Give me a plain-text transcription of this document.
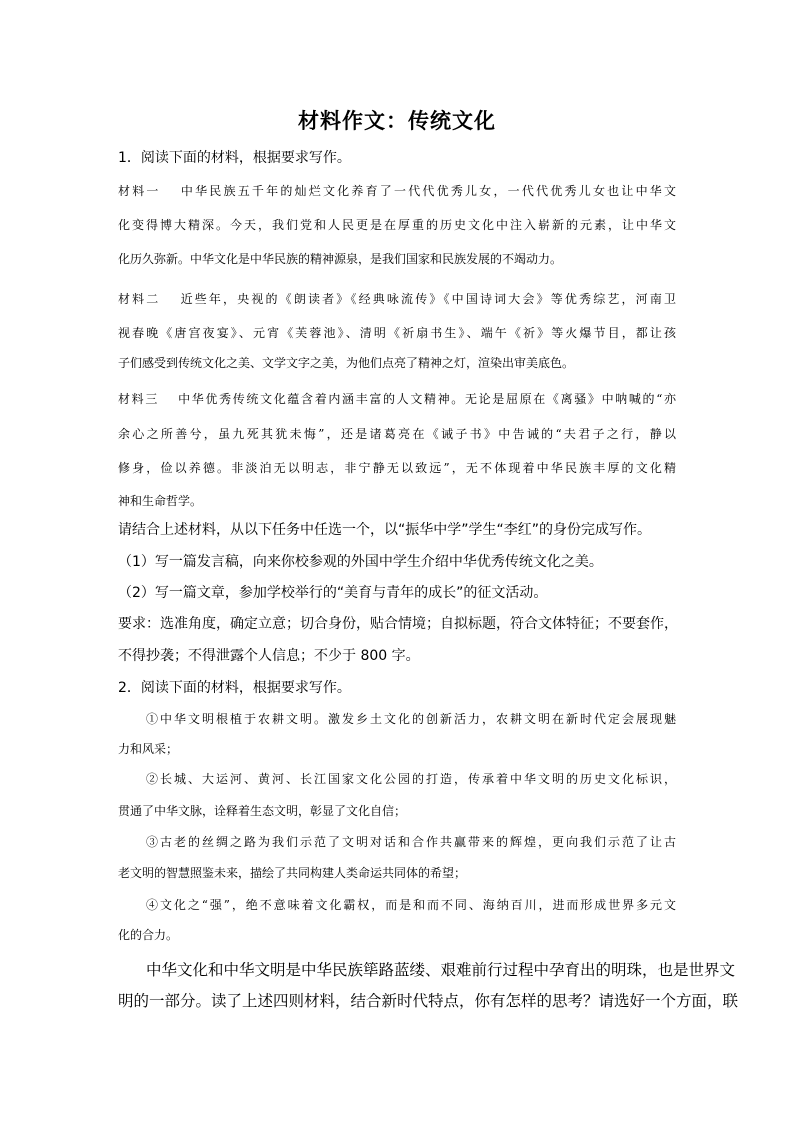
材料作文：传统文化
1．阅读下面的材料，根据要求写作。
材料一　 中华民族五千年的灿烂文化养育了一代代优秀儿女，一代代优秀儿女也让中华文
化变得博大精深。今天，我们党和人民更是在厚重的历史文化中注入崭新的元素，让中华文
化历久弥新。中华文化是中华民族的精神源泉，是我们国家和民族发展的不竭动力。
材料二　 近些年，央视的《朗读者》《经典咏流传》《中国诗词大会》等优秀综艺，河南卫
视春晚《唐宫夜宴》、元宵《芙蓉池》、清明《祈扇书生》、端午《祈》等火爆节目，都让孩
子们感受到传统文化之美、文学文字之美，为他们点亮了精神之灯，渲染出审美底色。
材料三　 中华优秀传统文化蕴含着内涵丰富的人文精神。无论是屈原在《离骚》中呐喊的“亦
余心之所善兮，虽九死其犹未悔”，还是诸葛亮在《诫子书》中告诫的“夫君子之行，静以
修身，俭以养德。非淡泊无以明志，非宁静无以致远”，无不体现着中华民族丰厚的文化精
神和生命哲学。
请结合上述材料，从以下任务中任选一个，以“振华中学”学生“李红”的身份完成写作。
（1）写一篇发言稿，向来你校参观的外国中学生介绍中华优秀传统文化之美。
（2）写一篇文章，参加学校举行的“美育与青年的成长”的征文活动。
要求：选准角度，确定立意；切合身份，贴合情境；自拟标题，符合文体特征；不要套作，
不得抄袭；不得泄露个人信息；不少于 800 字。
2．阅读下面的材料，根据要求写作。
①中华文明根植于农耕文明。激发乡土文化的创新活力，农耕文明在新时代定会展现魅
力和风采；
②长城、大运河、黄河、长江国家文化公园的打造，传承着中华文明的历史文化标识，
贯通了中华文脉，诠释着生态文明，彰显了文化自信；
③古老的丝绸之路为我们示范了文明对话和合作共赢带来的辉煌，更向我们示范了让古
老文明的智慧照鉴未来，描绘了共同构建人类命运共同体的希望；
④文化之“强”，绝不意味着文化霸权，而是和而不同、海纳百川，进而形成世界多元文
化的合力。
中华文化和中华文明是中华民族筚路蓝缕、艰难前行过程中孕育出的明珠，也是世界文
明的一部分。读了上述四则材料，结合新时代特点，你有怎样的思考？请选好一个方面，联
